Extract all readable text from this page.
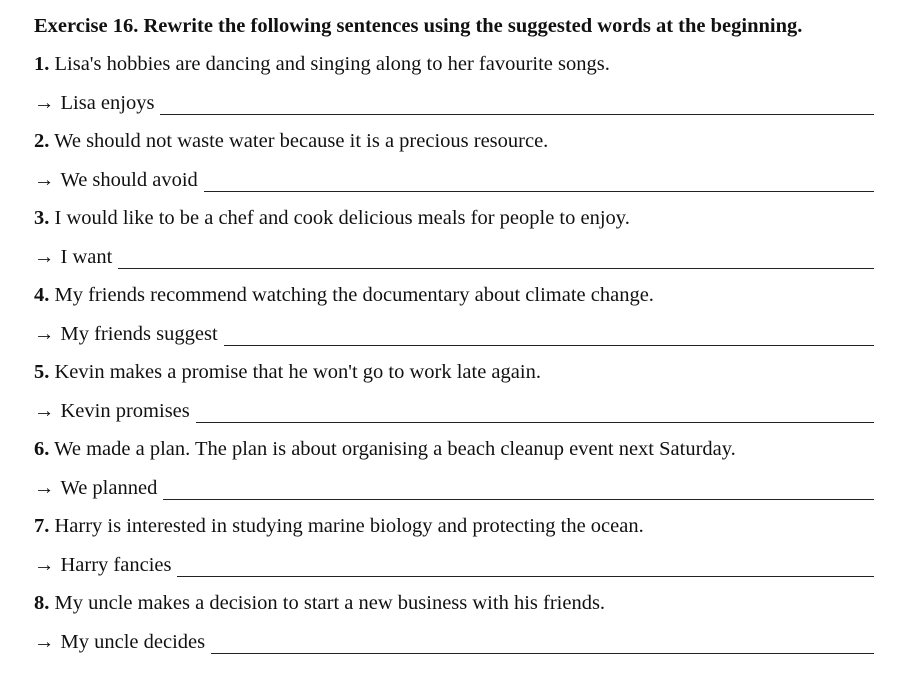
Exercise 16. Rewrite the following sentences using the suggested words at the beginning.
1. Lisa's hobbies are dancing and singing along to her favourite songs.
→ Lisa enjoys
2. We should not waste water because it is a precious resource.
→ We should avoid
3. I would like to be a chef and cook delicious meals for people to enjoy.
→ I want
4. My friends recommend watching the documentary about climate change.
→ My friends suggest
5. Kevin makes a promise that he won't go to work late again.
→ Kevin promises
6. We made a plan. The plan is about organising a beach cleanup event next Saturday.
→ We planned
7. Harry is interested in studying marine biology and protecting the ocean.
→ Harry fancies
8. My uncle makes a decision to start a new business with his friends.
→ My uncle decides
